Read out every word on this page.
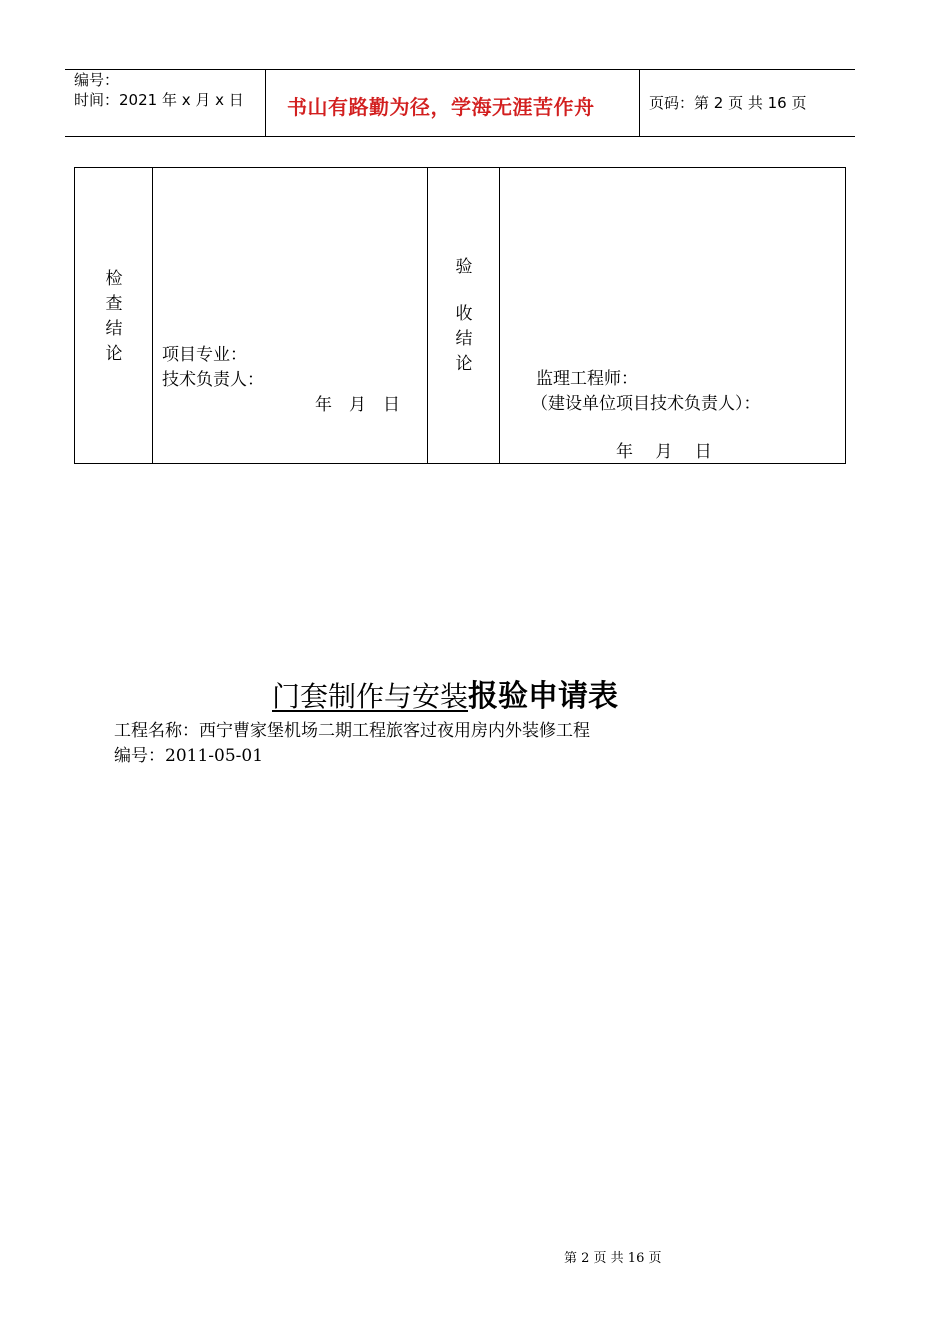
编号：
时间：2021 年 x 月 x 日 书山有路勤为径，学海无涯苦作舟	页码：第 2 页 共 16 页
检查结论 项目专业：
技术负责人：
年　月　日
验
收结论
监理工程师：
（建设单位项目技术负责人）：
年　 月　 日
门套制作与安装报验申请表
工程名称：西宁曹家堡机场二期工程旅客过夜用房内外装修工程
编号：2011-05-01
第 2 页 共 16 页
